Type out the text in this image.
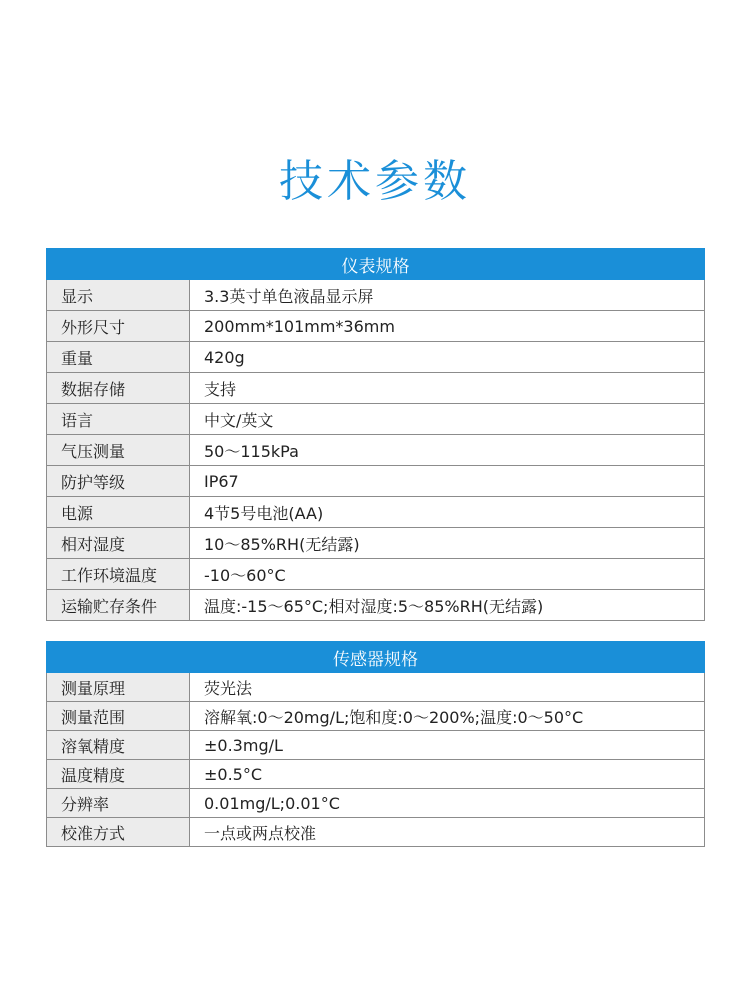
技术参数
仪表规格	
显示	3.3英寸单色液晶显示屏
外形尺寸	200mm*101mm*36mm
重量	420g
数据存储	支持
语言	中文/英文
气压测量	50～115kPa
防护等级	IP67
电源	4节5号电池(AA)
相对湿度	10～85%RH(无结露)
工作环境温度	-10～60°C
运输贮存条件	温度:-15～65°C;相对湿度:5～85%RH(无结露)
传感器规格	
测量原理	荧光法
测量范围	溶解氧:0～20mg/L;饱和度:0～200%;温度:0～50°C
溶氧精度	±0.3mg/L
温度精度	±0.5°C
分辨率	0.01mg/L;0.01°C
校准方式	一点或两点校准
